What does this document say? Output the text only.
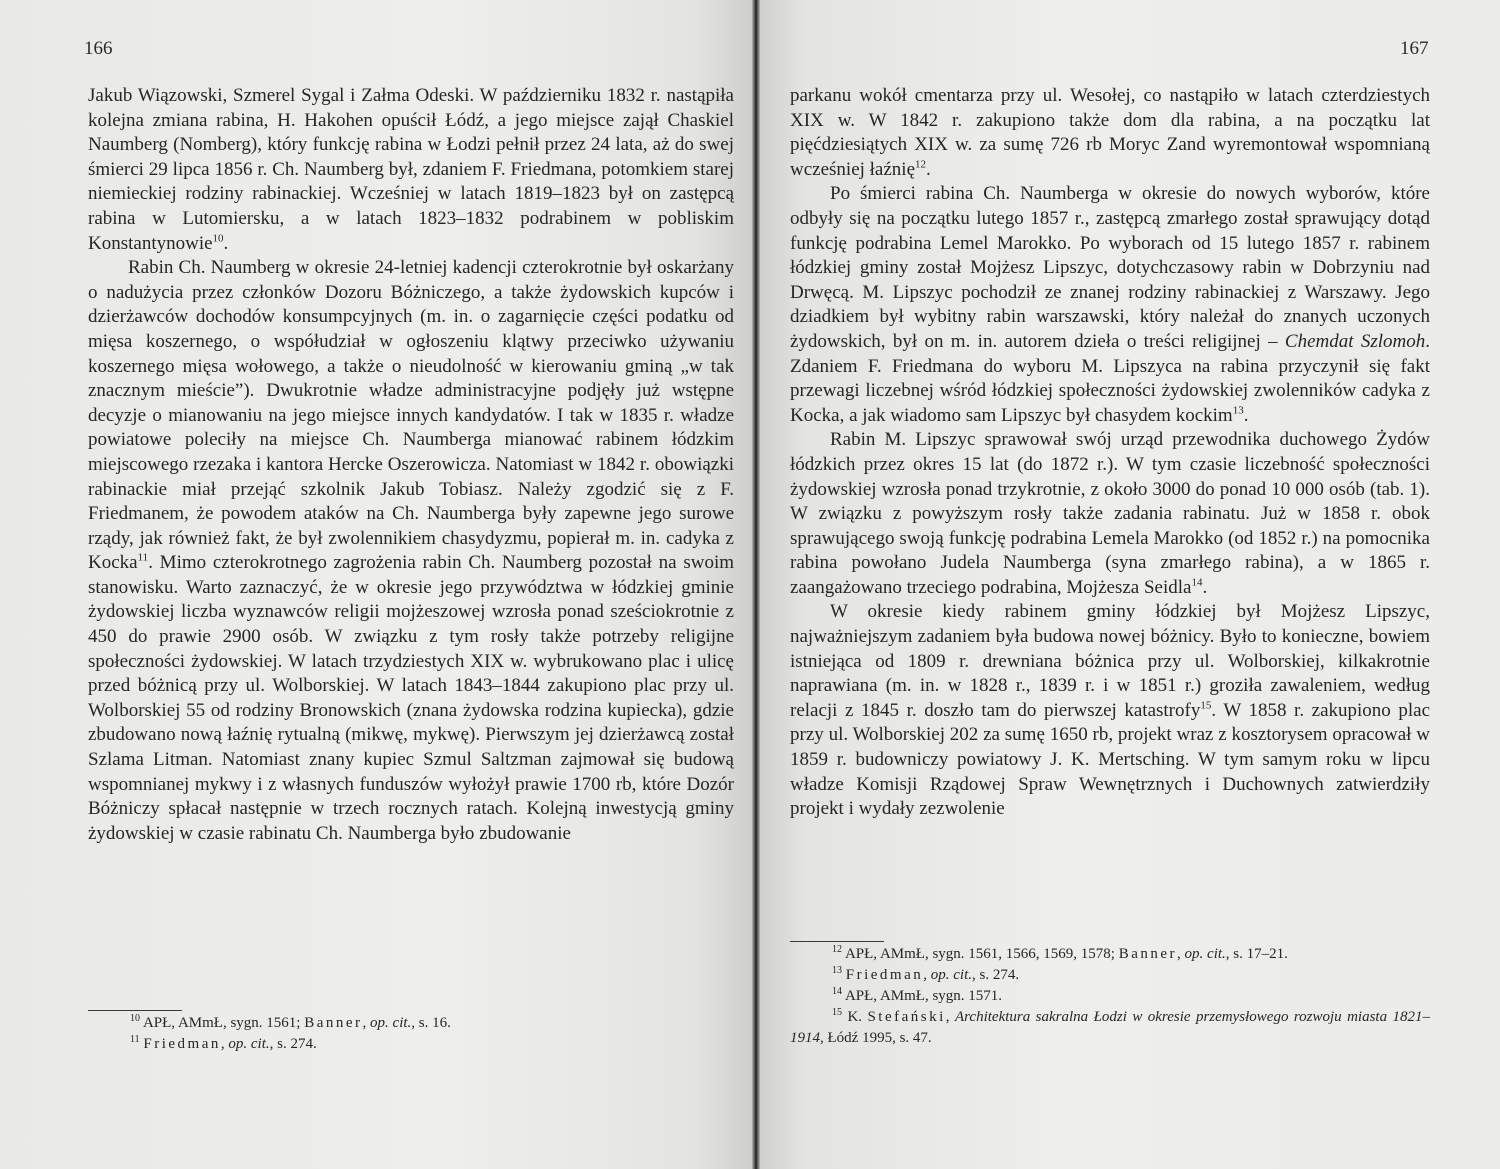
166

Jakub Wiązowski, Szmerel Sygal i Załma Odeski. W październiku 1832 r. nastąpiła kolejna zmiana rabina, H. Hakohen opuścił Łódź, a jego miejsce zajął Chaskiel Naumberg (Nomberg), który funkcję rabina w Łodzi pełnił przez 24 lata, aż do swej śmierci 29 lipca 1856 r. Ch. Naumberg był, zdaniem F. Friedmana, potomkiem starej niemieckiej rodziny rabinackiej. Wcześniej w latach 1819–1823 był on zastępcą rabina w Lutomiersku, a w latach 1823–1832 podrabinem w pobliskim Konstantynowie$^{10}$.

Rabin Ch. Naumberg w okresie 24-letniej kadencji czterokrotnie był oskarżany o nadużycia przez członków Dozoru Bóżniczego, a także żydowskich kupców i dzierżawców dochodów konsumpcyjnych (m. in. o zagarnięcie części podatku od mięsa koszernego, o współudział w ogłoszeniu klątwy przeciwko używaniu koszernego mięsa wołowego, a także o nieudolność w kierowaniu gminą „w tak znacznym mieście”). Dwukrotnie władze administracyjne podjęły już wstępne decyzje o mianowaniu na jego miejsce innych kandydatów. I tak w 1835 r. władze powiatowe poleciły na miejsce Ch. Naumberga mianować rabinem łódzkim miejscowego rzezaka i kantora Hercke Oszerowicza. Natomiast w 1842 r. obowiązki rabinackie miał przejąć szkolnik Jakub Tobiasz. Należy zgodzić się z F. Friedmanem, że powodem ataków na Ch. Naumberga były zapewne jego surowe rządy, jak również fakt, że był zwolennikiem chasydyzmu, popierał m. in. cadyka z Kocka$^{11}$. Mimo czterokrotnego zagrożenia rabin Ch. Naumberg pozostał na swoim stanowisku. Warto zaznaczyć, że w okresie jego przywództwa w łódzkiej gminie żydowskiej liczba wyznawców religii mojżeszowej wzrosła ponad sześciokrotnie z 450 do prawie 2900 osób. W związku z tym rosły także potrzeby religijne społeczności żydowskiej. W latach trzydziestych XIX w. wybrukowano plac i ulicę przed bóżnicą przy ul. Wolborskiej. W latach 1843–1844 zakupiono plac przy ul. Wolborskiej 55 od rodziny Bronowskich (znana żydowska rodzina kupiecka), gdzie zbudowano nową łaźnię rytualną (mikwę, mykwę). Pierwszym jej dzierżawcą został Szlama Litman. Natomiast znany kupiec Szmul Saltzman zajmował się budową wspomnianej mykwy i z własnych funduszów wyłożył prawie 1700 rb, które Dozór Bóżniczy spłacał następnie w trzech rocznych ratach. Kolejną inwestycją gminy żydowskiej w czasie rabinatu Ch. Naumberga było zbudowanie

$^{10}$ APŁ, AMmŁ, sygn. 1561; Banner, op. cit., s. 16.

$^{11}$ Friedman, op. cit., s. 274.

167

parkanu wokół cmentarza przy ul. Wesołej, co nastąpiło w latach czterdziestych XIX w. W 1842 r. zakupiono także dom dla rabina, a na początku lat pięćdziesiątych XIX w. za sumę 726 rb Moryc Zand wyremontował wspomnianą wcześniej łaźnię$^{12}$.

Po śmierci rabina Ch. Naumberga w okresie do nowych wyborów, które odbyły się na początku lutego 1857 r., zastępcą zmarłego został sprawujący dotąd funkcję podrabina Lemel Marokko. Po wyborach od 15 lutego 1857 r. rabinem łódzkiej gminy został Mojżesz Lipszyc, dotychczasowy rabin w Dobrzyniu nad Drwęcą. M. Lipszyc pochodził ze znanej rodziny rabinackiej z Warszawy. Jego dziadkiem był wybitny rabin warszawski, który należał do znanych uczonych żydowskich, był on m. in. autorem dzieła o treści religijnej – Chemdat Szlomoh. Zdaniem F. Friedmana do wyboru M. Lipszyca na rabina przyczynił się fakt przewagi liczebnej wśród łódzkiej społeczności żydowskiej zwolenników cadyka z Kocka, a jak wiadomo sam Lipszyc był chasydem kockim$^{13}$.

Rabin M. Lipszyc sprawował swój urząd przewodnika duchowego Żydów łódzkich przez okres 15 lat (do 1872 r.). W tym czasie liczebność społeczności żydowskiej wzrosła ponad trzykrotnie, z około 3000 do ponad 10 000 osób (tab. 1). W związku z powyższym rosły także zadania rabinatu. Już w 1858 r. obok sprawującego swoją funkcję podrabina Lemela Marokko (od 1852 r.) na pomocnika rabina powołano Judela Naumberga (syna zmarłego rabina), a w 1865 r. zaangażowano trzeciego podrabina, Mojżesza Seidla$^{14}$.

W okresie kiedy rabinem gminy łódzkiej był Mojżesz Lipszyc, najważniejszym zadaniem była budowa nowej bóżnicy. Było to konieczne, bowiem istniejąca od 1809 r. drewniana bóżnica przy ul. Wolborskiej, kilkakrotnie naprawiana (m. in. w 1828 r., 1839 r. i w 1851 r.) groziła zawaleniem, według relacji z 1845 r. doszło tam do pierwszej katastrofy$^{15}$. W 1858 r. zakupiono plac przy ul. Wolborskiej 202 za sumę 1650 rb, projekt wraz z kosztorysem opracował w 1859 r. budowniczy powiatowy J. K. Mertsching. W tym samym roku w lipcu władze Komisji Rządowej Spraw Wewnętrznych i Duchownych zatwierdziły projekt i wydały zezwolenie

$^{12}$ APŁ, AMmŁ, sygn. 1561, 1566, 1569, 1578; Banner, op. cit., s. 17–21.

$^{13}$ Friedman, op. cit., s. 274.

$^{14}$ APŁ, AMmŁ, sygn. 1571.

$^{15}$ K. Stefański, Architektura sakralna Łodzi w okresie przemysłowego rozwoju miasta 1821–1914, Łódź 1995, s. 47.
